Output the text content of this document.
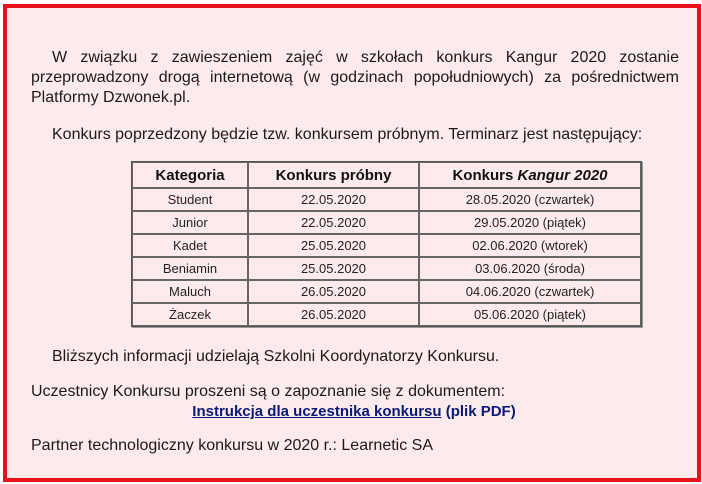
W związku z zawieszeniem zajęć w szkołach konkurs Kangur 2020 zostanie przeprowadzony drogą internetową (w godzinach popołudniowych) za pośrednictwem Platformy Dzwonek.pl.

Konkurs poprzedzony będzie tzw. konkursem próbnym. Terminarz jest następujący:

Kategoria	Konkurs próbny	Konkurs Kangur 2020
Student	22.05.2020	28.05.2020 (czwartek)
Junior	22.05.2020	29.05.2020 (piątek)
Kadet	25.05.2020	02.06.2020 (wtorek)
Beniamin	25.05.2020	03.06.2020 (środa)
Maluch	26.05.2020	04.06.2020 (czwartek)
Żaczek	26.05.2020	05.06.2020 (piątek)

Bliższych informacji udzielają Szkolni Koordynatorzy Konkursu.

Uczestnicy Konkursu proszeni są o zapoznanie się z dokumentem:

Instrukcja dla uczestnika konkursu (plik PDF)

Partner technologiczny konkursu w 2020 r.: Learnetic SA
